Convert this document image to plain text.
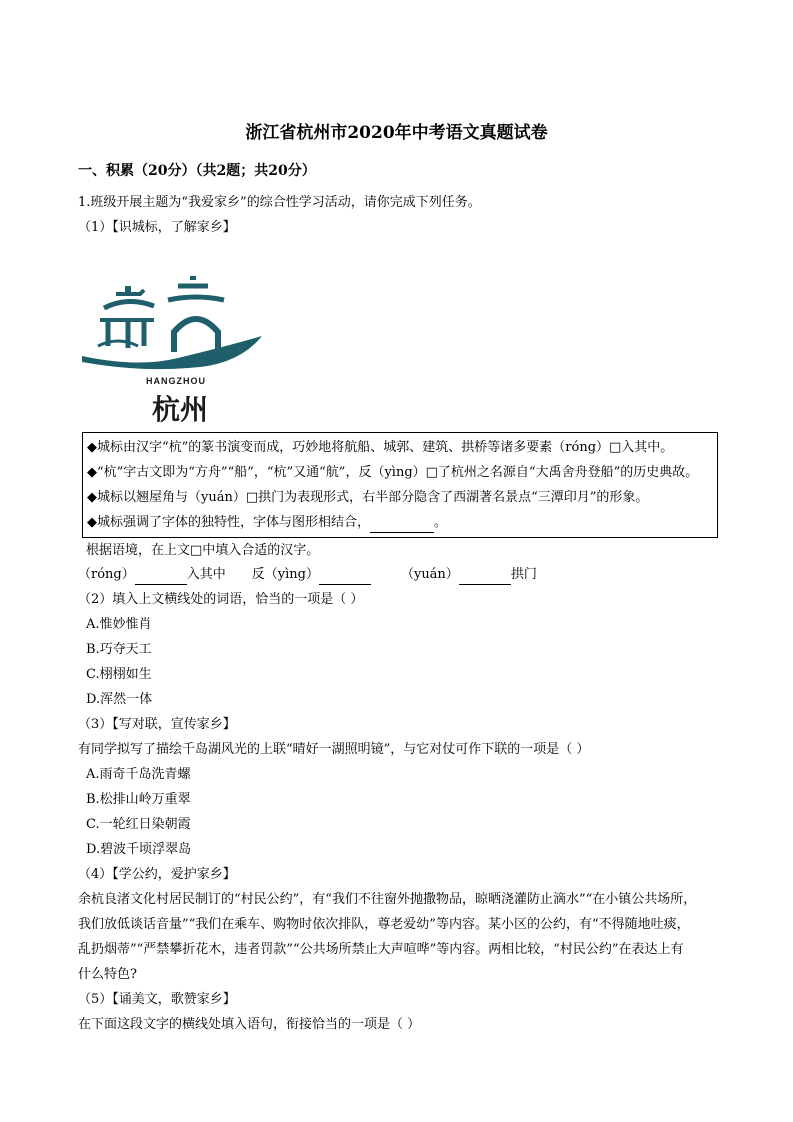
浙江省杭州市2020年中考语文真题试卷
一、积累（20分）（共2题；共20分）
1.班级开展主题为“我爱家乡”的综合性学习活动，请你完成下列任务。
（1）【识城标，了解家乡】
HANGZHOU
杭州
◆城标由汉字“杭”的篆书演变而成，巧妙地将航船、城郭、建筑、拱桥等诸多要素（róng）□入其中。
◆“杭”字古文即为“方舟”“船”，“杭”又通“航”，反（yìng）□了杭州之名源自“大禹舍舟登船”的历史典故。
◆城标以翘屋角与（yuán）□拱门为表现形式，右半部分隐含了西湖著名景点“三潭印月”的形象。
◆城标强调了字体的独特性，字体与图形相结合，	。
根据语境，在上文□中填入合适的汉字。
（róng）	入其中 反（yìng）	（yuán）	拱门
（2）填入上文横线处的词语，恰当的一项是（ ）
A.惟妙惟肖
B.巧夺天工
C.栩栩如生
D.浑然一体
（3）【写对联，宣传家乡】
有同学拟写了描绘千岛湖风光的上联“晴好一湖照明镜”，与它对仗可作下联的一项是（ ）
A.雨奇千岛洗青螺
B.松排山岭万重翠
C.一轮红日染朝霞
D.碧波千顷浮翠岛
（4）【学公约，爱护家乡】
余杭良渚文化村居民制订的“村民公约”，有“我们不往窗外抛撒物品，晾晒浇灌防止滴水”“在小镇公共场所，
我们放低谈话音量”“我们在乘车、购物时依次排队，尊老爱幼”等内容。某小区的公约，有“不得随地吐痰，
乱扔烟蒂”“严禁攀折花木，违者罚款”“公共场所禁止大声喧哗”等内容。两相比较，“村民公约”在表达上有
什么特色?
（5）【诵美文，歌赞家乡】
在下面这段文字的横线处填入语句，衔接恰当的一项是（ ）
